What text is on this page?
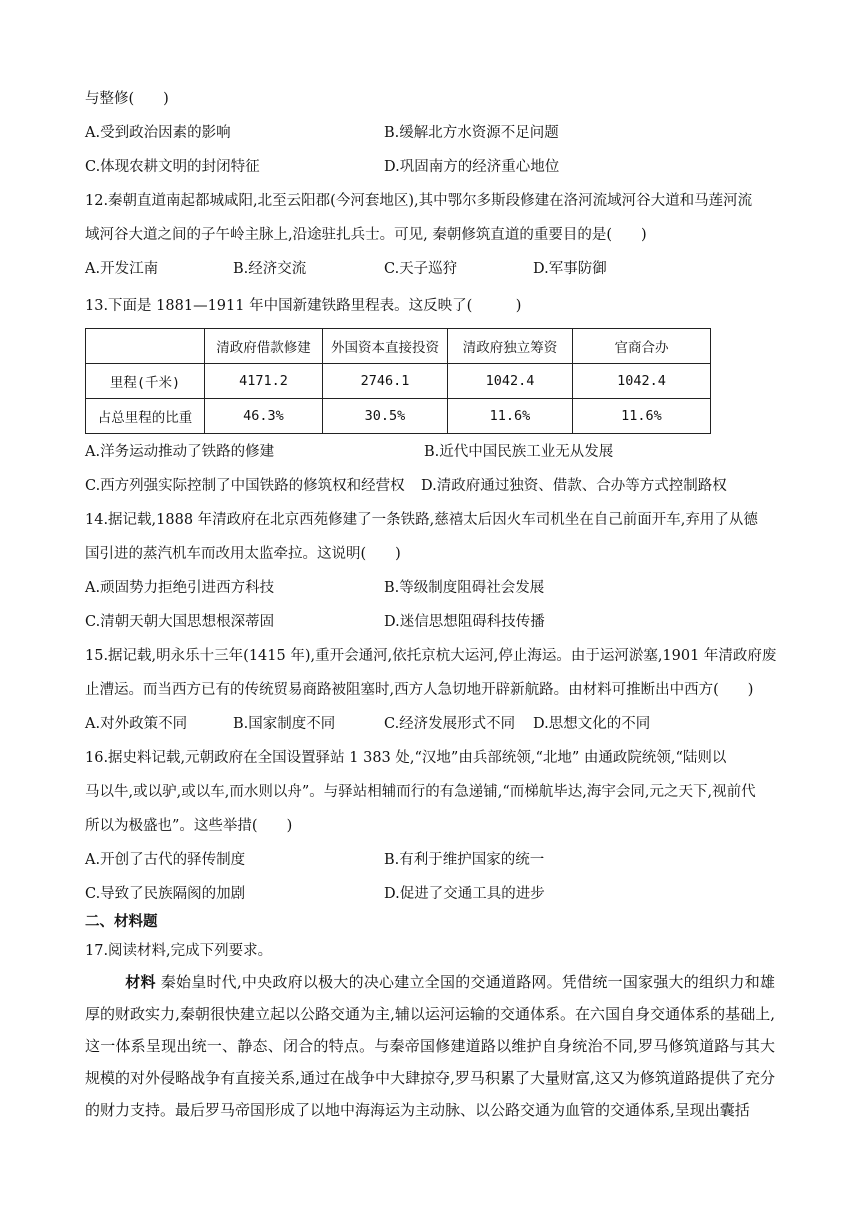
与整修(　　)
A.受到政治因素的影响	B.缓解北方水资源不足问题
C.体现农耕文明的封闭特征	D.巩固南方的经济重心地位
12.秦朝直道南起都城咸阳,北至云阳郡(今河套地区),其中鄂尔多斯段修建在洛河流域河谷大道和马莲河流
域河谷大道之间的子午岭主脉上,沿途驻扎兵士。可见, 秦朝修筑直道的重要目的是(　　)
A.开发江南	B.经济交流	C.天子巡狩	D.军事防御
13.下面是 1881—1911 年中国新建铁路里程表。这反映了(　　　)
	清政府借款修建	外国资本直接投资	清政府独立筹资	官商合办
里程(千米)	4171.2	2746.1	1042.4	1042.4
占总里程的比重	46.3%	30.5%	11.6%	11.6%
A.洋务运动推动了铁路的修建	B.近代中国民族工业无从发展
C.西方列强实际控制了中国铁路的修筑权和经营权 D.清政府通过独资、借款、合办等方式控制路权
14.据记载,1888 年清政府在北京西苑修建了一条铁路,慈禧太后因火车司机坐在自己前面开车,弃用了从德
国引进的蒸汽机车而改用太监牵拉。这说明(　　)
A.顽固势力拒绝引进西方科技	B.等级制度阻碍社会发展
C.清朝天朝大国思想根深蒂固	D.迷信思想阻碍科技传播
15.据记载,明永乐十三年(1415 年),重开会通河,依托京杭大运河,停止海运。由于运河淤塞,1901 年清政府废
止漕运。而当西方已有的传统贸易商路被阻塞时,西方人急切地开辟新航路。由材料可推断出中西方(　　)
A.对外政策不同	B.国家制度不同	C.经济发展形式不同 D.思想文化的不同
16.据史料记载,元朝政府在全国设置驿站 1 383 处,“汉地”由兵部统领,“北地” 由通政院统领,“陆则以
马以牛,或以驴,或以车,而水则以舟”。与驿站相辅而行的有急递铺,“而梯航毕达,海宇会同,元之天下,视前代
所以为极盛也”。这些举措(　　)
A.开创了古代的驿传制度	B.有利于维护国家的统一
C.导致了民族隔阂的加剧	D.促进了交通工具的进步
二、材料题
17.阅读材料,完成下列要求。
材料 秦始皇时代,中央政府以极大的决心建立全国的交通道路网。凭借统一国家强大的组织力和雄厚的财政实力,秦朝很快建立起以公路交通为主,辅以运河运输的交通体系。在六国自身交通体系的基础上,这一体系呈现出统一、静态、闭合的特点。与秦帝国修建道路以维护自身统治不同,罗马修筑道路与其大规模的对外侵略战争有直接关系,通过在战争中大肆掠夺,罗马积累了大量财富,这又为修筑道路提供了充分的财力支持。最后罗马帝国形成了以地中海海运为主动脉、以公路交通为血管的交通体系,呈现出囊括
